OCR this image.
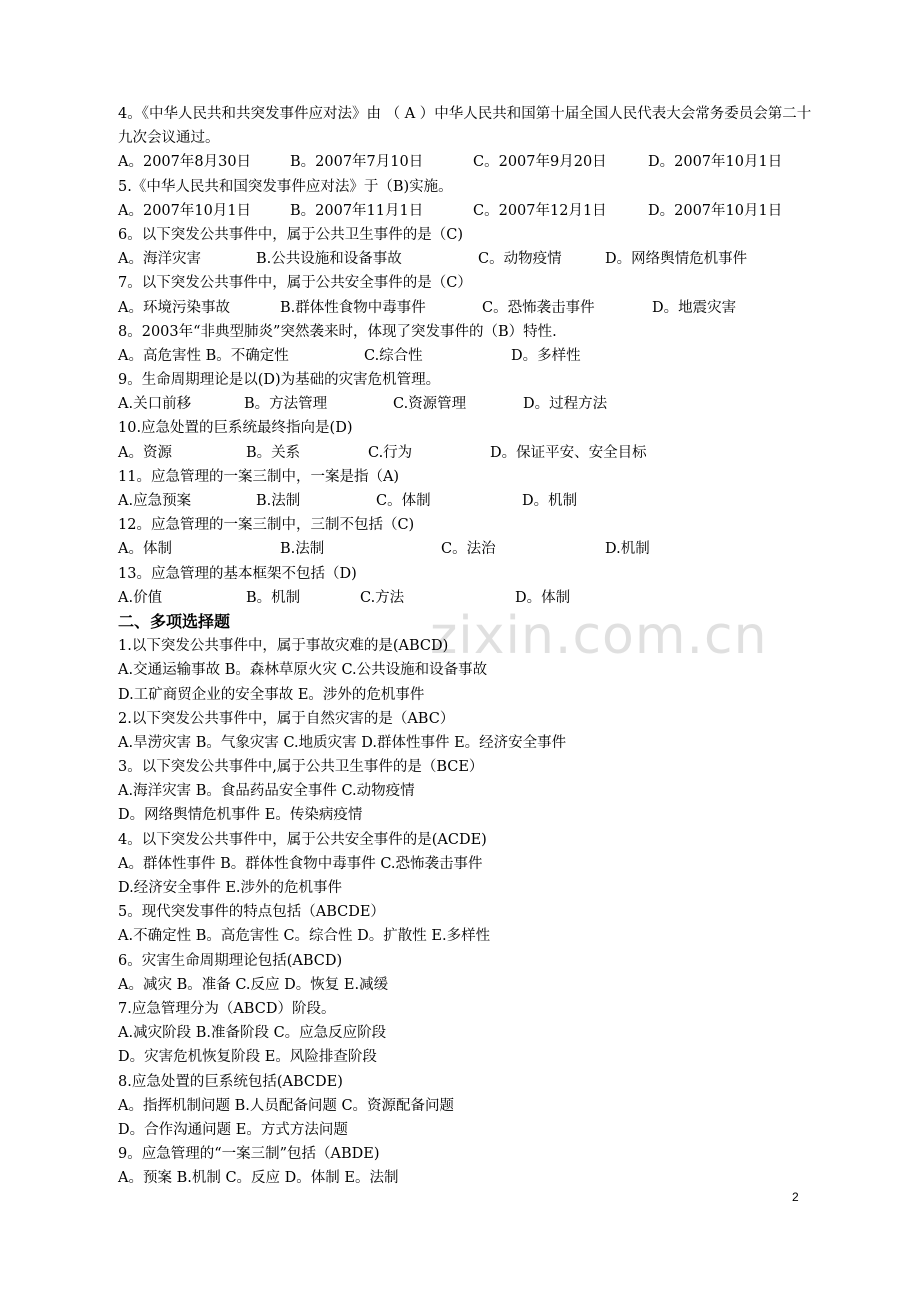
zixin.com.cn
4。《中华人民共和共突发事件应对法》由 （ A ）中华人民共和国第十届全国人民代表大会常务委员会第二十九次会议通过。
A。2007年8月30日	B。2007年7月10日	C。2007年9月20日	D。2007年10月1日
5.《中华人民共和国突发事件应对法》于（B)实施。
A。2007年10月1日	B。2007年11月1日	C。2007年12月1日	D。2007年10月1日
6。以下突发公共事件中，属于公共卫生事件的是（C)
A。海洋灾害	B.公共设施和设备事故	C。动物疫情	D。网络舆情危机事件
7。以下突发公共事件中，属于公共安全事件的是（C）
A。环境污染事故	B.群体性食物中毒事件	C。恐怖袭击事件	D。地震灾害
8。2003年“非典型肺炎”突然袭来时，体现了突发事件的（B）特性.
A。高危害性 B。不确定性	C.综合性	D。多样性
9。生命周期理论是以(D)为基础的灾害危机管理。
A.关口前移	B。方法管理	C.资源管理	D。过程方法
10.应急处置的巨系统最终指向是(D)
A。资源	B。关系	C.行为	D。保证平安、安全目标
11。应急管理的一案三制中，一案是指（A)
A.应急预案	B.法制	C。体制	D。机制
12。应急管理的一案三制中，三制不包括（C)
A。体制	B.法制	C。法治	D.机制
13。应急管理的基本框架不包括（D)
A.价值	B。机制	C.方法	D。体制
二、多项选择题
1.以下突发公共事件中，属于事故灾难的是(ABCD)
A.交通运输事故 B。森林草原火灾 C.公共设施和设备事故
D.工矿商贸企业的安全事故 E。涉外的危机事件
2.以下突发公共事件中，属于自然灾害的是（ABC）
A.旱涝灾害 B。气象灾害 C.地质灾害 D.群体性事件 E。经济安全事件
3。以下突发公共事件中,属于公共卫生事件的是（BCE）
A.海洋灾害 B。食品药品安全事件 C.动物疫情
D。网络舆情危机事件 E。传染病疫情
4。以下突发公共事件中，属于公共安全事件的是(ACDE)
A。群体性事件 B。群体性食物中毒事件 C.恐怖袭击事件
D.经济安全事件 E.涉外的危机事件
5。现代突发事件的特点包括（ABCDE）
A.不确定性 B。高危害性 C。综合性 D。扩散性 E.多样性
6。灾害生命周期理论包括(ABCD)
A。减灾 B。准备 C.反应 D。恢复 E.减缓
7.应急管理分为（ABCD）阶段。
A.减灾阶段 B.准备阶段 C。应急反应阶段
D。灾害危机恢复阶段 E。风险排查阶段
8.应急处置的巨系统包括(ABCDE)
A。指挥机制问题 B.人员配备问题 C。资源配备问题
D。合作沟通问题 E。方式方法问题
9。应急管理的“一案三制”包括（ABDE)
A。预案 B.机制 C。反应 D。体制 E。法制
2
